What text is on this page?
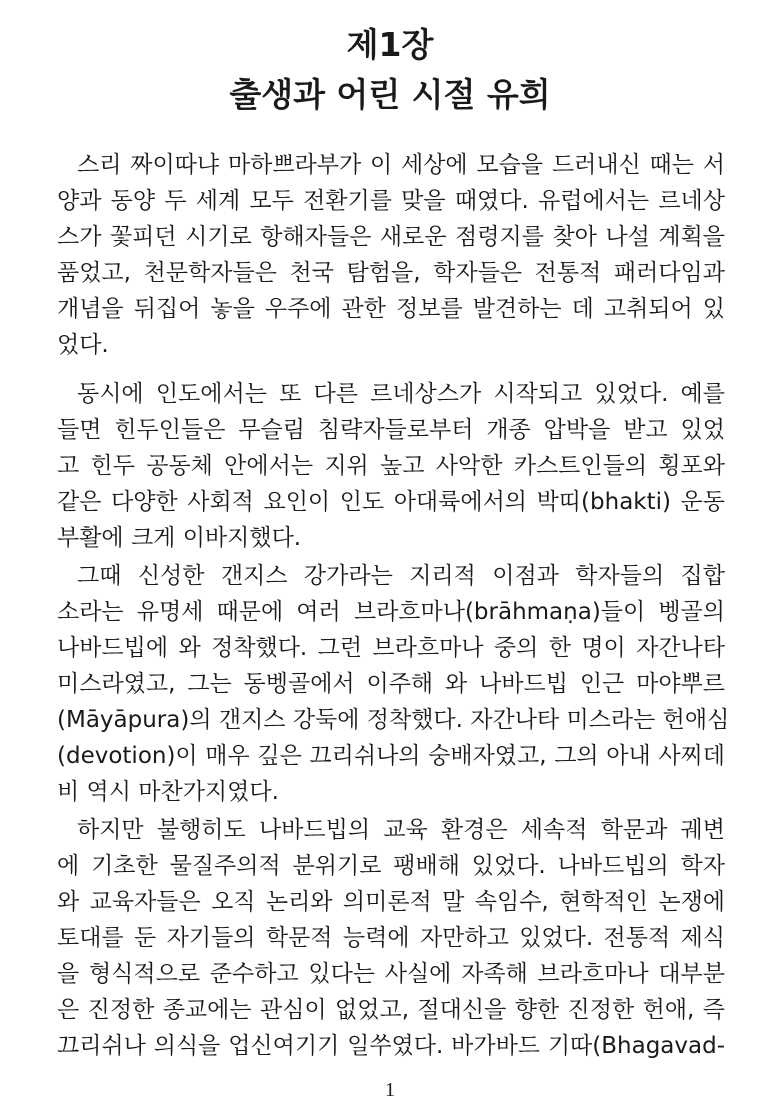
제1장
출생과 어린 시절 유희
스리 짜이따냐 마하쁘라부가 이 세상에 모습을 드러내신 때는 서
양과 동양 두 세계 모두 전환기를 맞을 때였다. 유럽에서는 르네상
스가 꽃피던 시기로 항해자들은 새로운 점령지를 찾아 나설 계획을
품었고, 천문학자들은 천국 탐험을, 학자들은 전통적 패러다임과
개념을 뒤집어 놓을 우주에 관한 정보를 발견하는 데 고취되어 있
었다.
동시에 인도에서는 또 다른 르네상스가 시작되고 있었다. 예를
들면 힌두인들은 무슬림 침략자들로부터 개종 압박을 받고 있었
고 힌두 공동체 안에서는 지위 높고 사악한 카스트인들의 횡포와
같은 다양한 사회적 요인이 인도 아대륙에서의 박띠(bhakti) 운동
부활에 크게 이바지했다.
그때 신성한 갠지스 강가라는 지리적 이점과 학자들의 집합
소라는 유명세 때문에 여러 브라흐마나(brāhmaṇa)들이 벵골의
나바드빕에 와 정착했다. 그런 브라흐마나 중의 한 명이 자간나타
미스라였고, 그는 동벵골에서 이주해 와 나바드빕 인근 마야뿌르
(Māyāpura)의 갠지스 강둑에 정착했다. 자간나타 미스라는 헌애심
(devotion)이 매우 깊은 끄리쉬나의 숭배자였고, 그의 아내 사찌데
비 역시 마찬가지였다.
하지만 불행히도 나바드빕의 교육 환경은 세속적 학문과 궤변
에 기초한 물질주의적 분위기로 팽배해 있었다. 나바드빕의 학자
와 교육자들은 오직 논리와 의미론적 말 속임수, 현학적인 논쟁에
토대를 둔 자기들의 학문적 능력에 자만하고 있었다. 전통적 제식
을 형식적으로 준수하고 있다는 사실에 자족해 브라흐마나 대부분
은 진정한 종교에는 관심이 없었고, 절대신을 향한 진정한 헌애, 즉
끄리쉬나 의식을 업신여기기 일쑤였다. 바가바드 기따(Bhagavad-
1
